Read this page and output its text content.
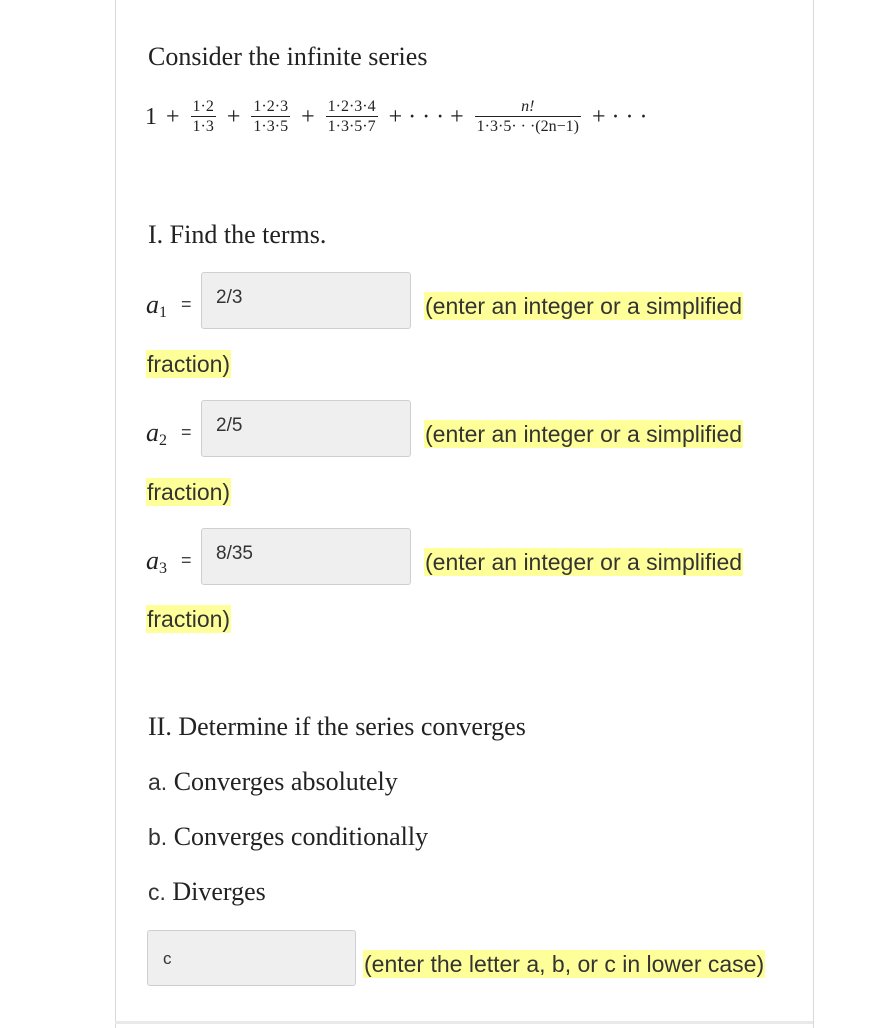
Consider the infinite series
$1 + \frac{1\cdot 2}{1\cdot 3} + \frac{1\cdot 2\cdot 3}{1\cdot 3\cdot 5} + \frac{1\cdot 2\cdot 3\cdot 4}{1\cdot 3\cdot 5\cdot 7}$ + · · · + $\frac{n!}{1\cdot 3\cdot 5\cdot \cdot \cdot(2n-1)}$ + · · ·
I. Find the terms.
$a_1$ =	2/3	(enter an integer or a simplified
fraction)
$a_2$ =	2/5	(enter an integer or a simplified
fraction)
$a_3$ =	8/35	(enter an integer or a simplified
fraction)
II. Determine if the series converges
a. Converges absolutely
b. Converges conditionally
c. Diverges
c	(enter the letter a, b, or c in lower case)
